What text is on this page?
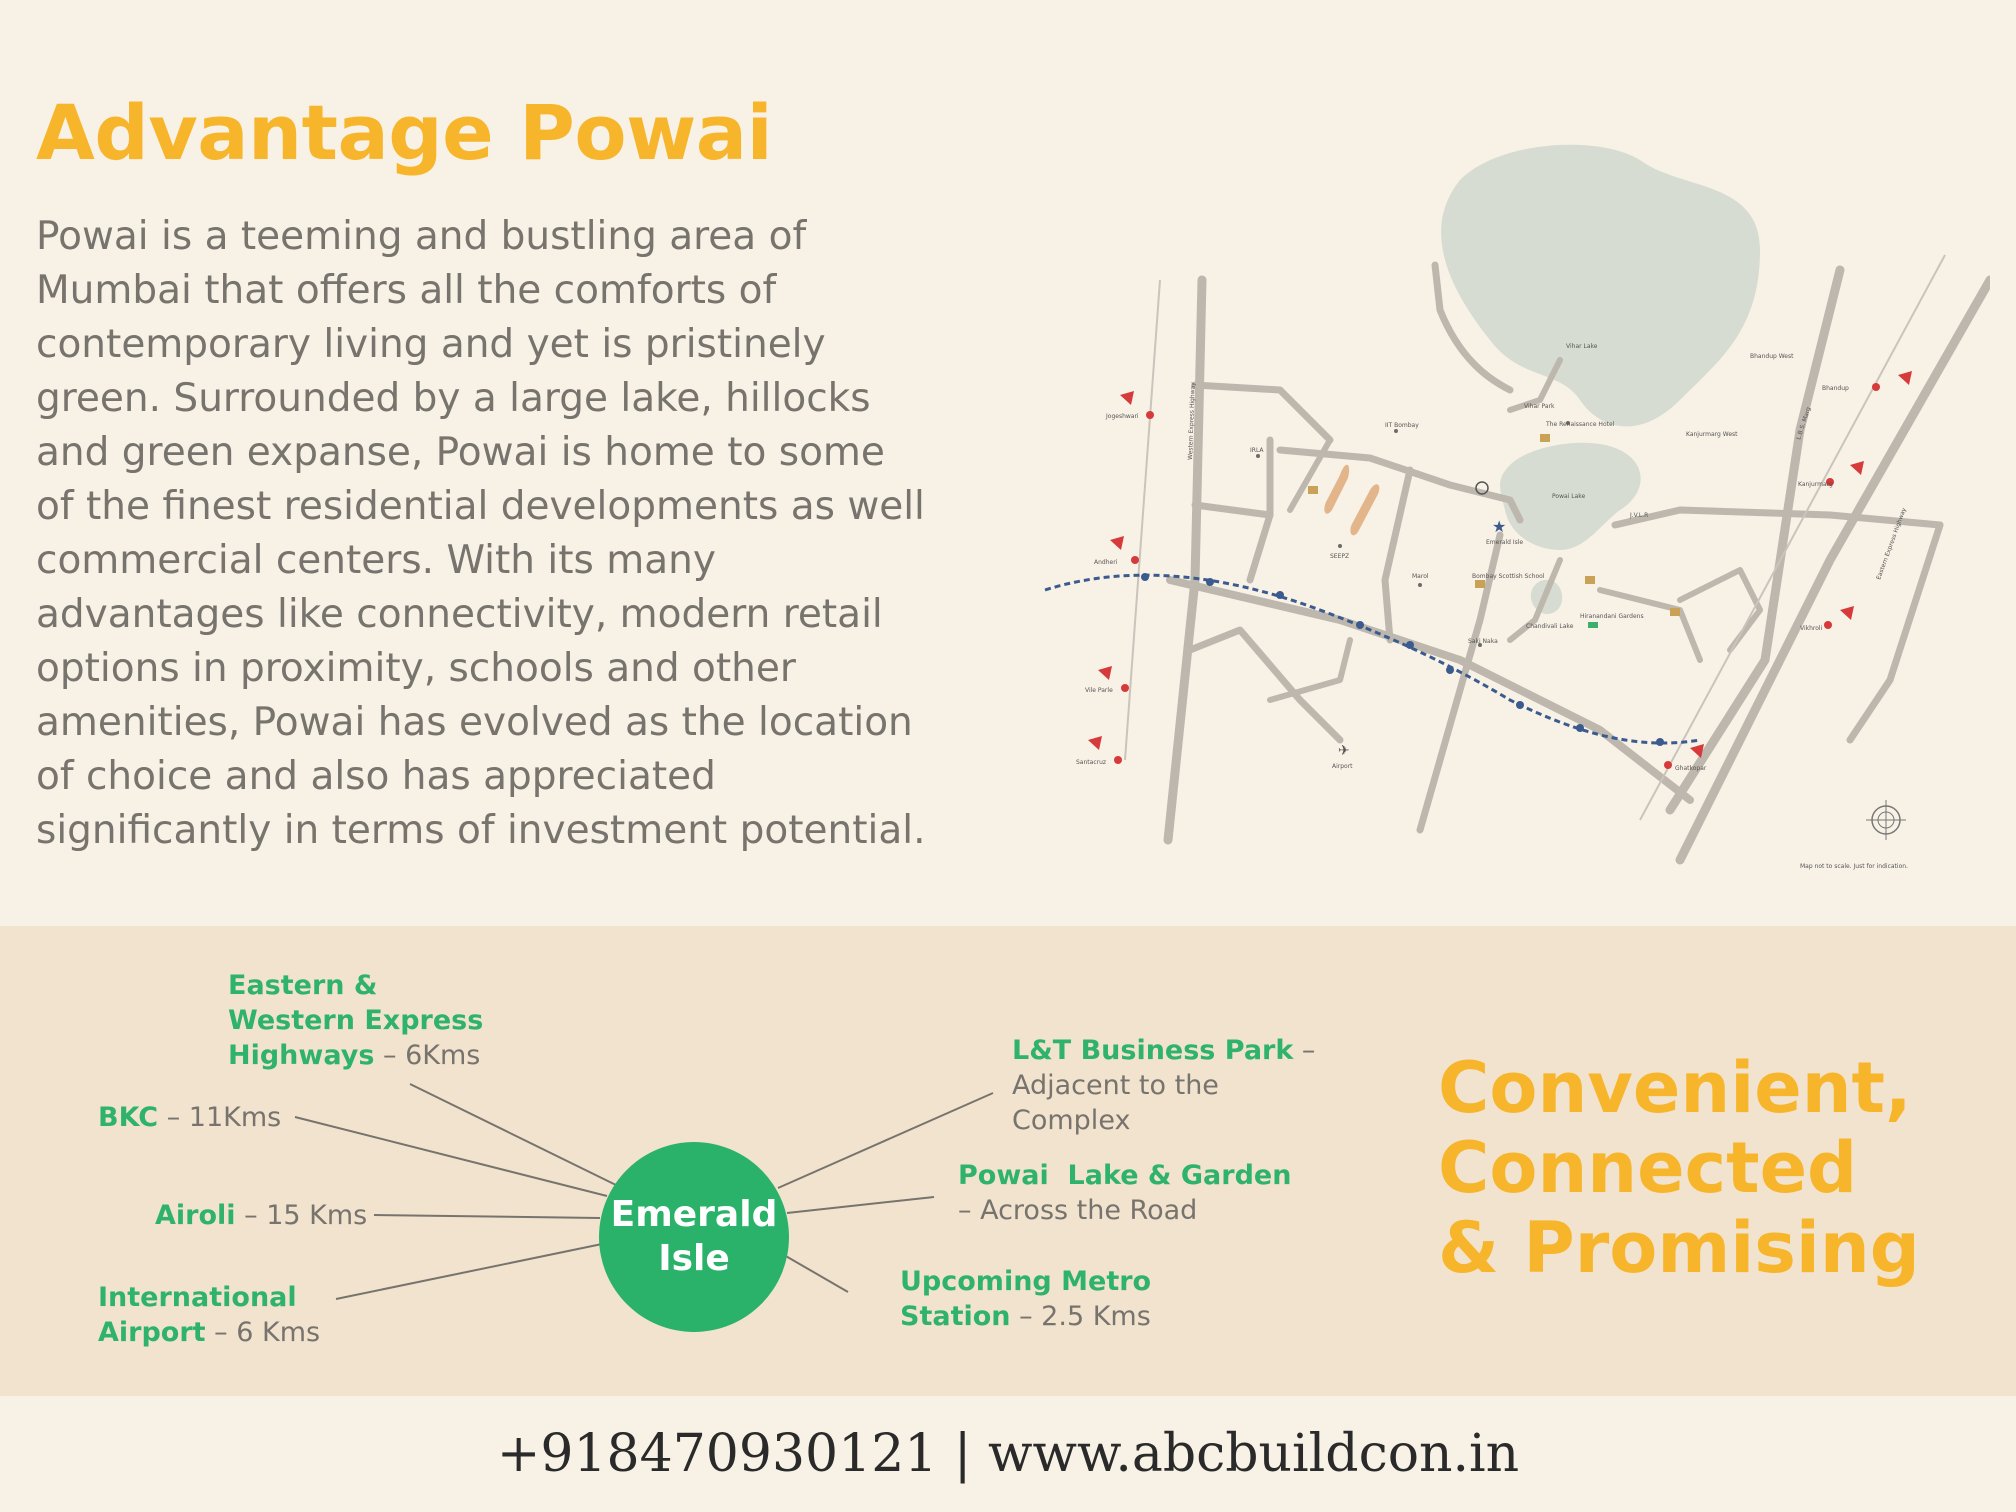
Advantage Powai
Powai is a teeming and bustling area of
Mumbai that offers all the comforts of
contemporary living and yet is pristinely
green. Surrounded by a large lake, hillocks
and green expanse, Powai is home to some
of the finest residential developments as well
commercial centers. With its many
advantages like connectivity, modern retail
options in proximity, schools and other
amenities, Powai has evolved as the location
of choice and also has appreciated
significantly in terms of investment potential.
✈
★
Vihar Lake
Powai Lake
Emerald Isle
Jogeshwari
Andheri
Vile Parle
Santacruz
Bhandup
Kanjurmarg
Vikhroli
Ghatkopar
Airport
Hiranandani Gardens
Chandivali Lake
SEEPZ
Marol
Saki Naka
IRLA
The Renaissance Hotel
IIT Bombay
Bombay Scottish School
Kanjurmarg West
Bhandup West
Vihar Park
J.V.L.R
L.B.S. Marg
Eastern Express Highway
Western Express Highway
Map not to scale. Just for indication.
Emerald
Isle
Eastern &
Western Express
Highways – 6Kms
BKC – 11Kms
Airoli – 15 Kms
International
Airport – 6 Kms
L&T Business Park –
Adjacent to the
Complex
Powai  Lake & Garden
– Across the Road
Upcoming Metro
Station – 2.5 Kms
Convenient,
Connected
& Promising
+918470930121 | www.abcbuildcon.in
